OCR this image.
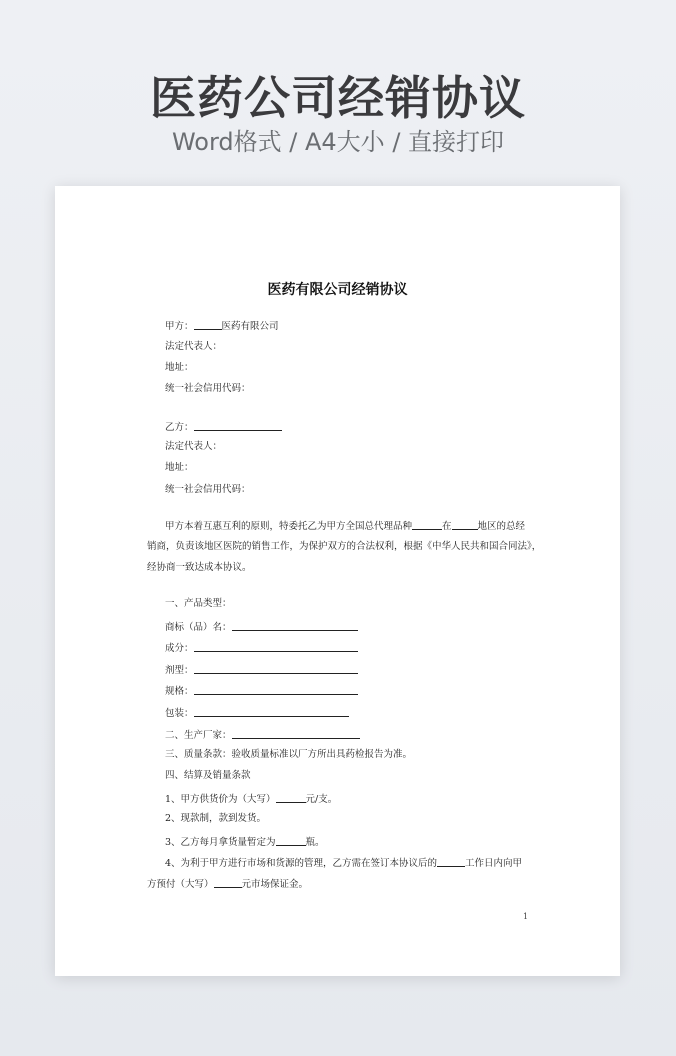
医药公司经销协议
Word格式 / A4大小 / 直接打印
医药有限公司经销协议
甲方：	医药有限公司
法定代表人：
地址：
统一社会信用代码：
乙方：
法定代表人：
地址：
统一社会信用代码：
甲方本着互惠互利的原则，特委托乙为甲方全国总代理品种	在	地区的总经
销商，负责该地区医院的销售工作，为保护双方的合法权利，根据《中华人民共和国合同法》，
经协商一致达成本协议。
一、产品类型：
商标（品）名：
成分：
剂型：
规格：
包装：
二、生产厂家：
三、质量条款：验收质量标准以厂方所出具药检报告为准。
四、结算及销量条款
1、甲方供货价为（大写）	元/支。
2、现款制，款到发货。
3、乙方每月拿货量暂定为	瓶。
4、为利于甲方进行市场和货源的管理，乙方需在签订本协议后的	工作日内向甲
方预付（大写）	元市场保证金。
1
